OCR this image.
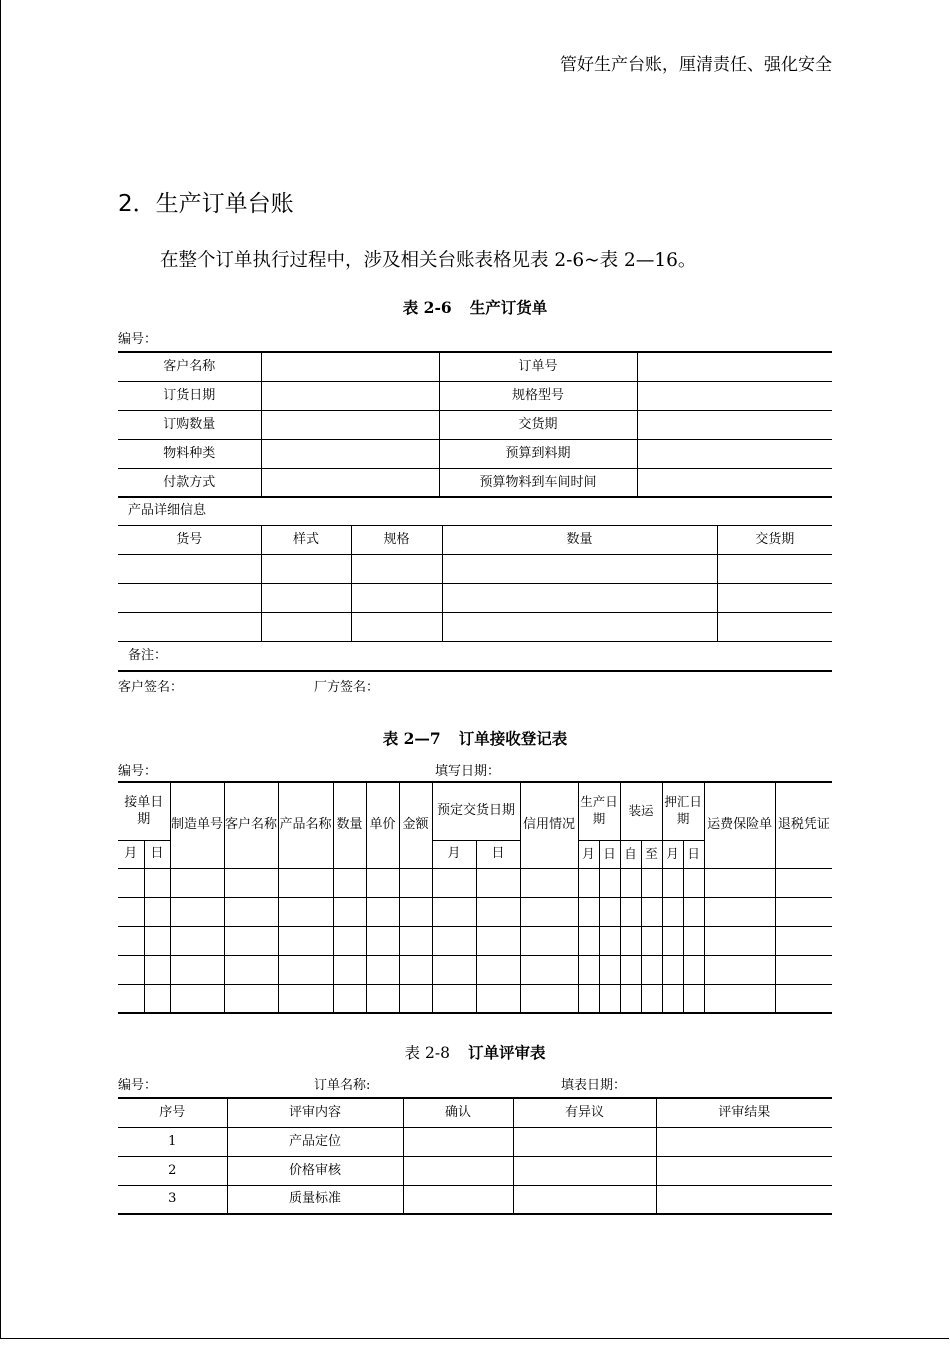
管好生产台账，厘清责任、强化安全
2．生产订单台账
在整个订单执行过程中，涉及相关台账表格见表 2-6~表 2—16。
表 2-6 生产订货单
编号：
客户名称		订单号	
订货日期		规格型号	
订购数量		交货期	
物料种类		预算到料期	
付款方式		预算物料到车间时间	
产品详细信息				
货号	样式	规格	数量	交货期

备注：				
客户签名：	厂方签名：
表 2—7 订单接收登记表
编号：	填写日期：
接单日期		制造单号	客户名称	产品名称	数量	单价	金额	预定交货日期		信用情况	生产日期		装运		押汇日期		运费保险单	退税凭证
月	日							月	日		月	日	自	至	月	日		

表 2-8 订单评审表
编号：	订单名称:	填表日期：
序号	评审内容	确认	有异议	评审结果
1	产品定位			
2	价格审核			
3	质量标准			
